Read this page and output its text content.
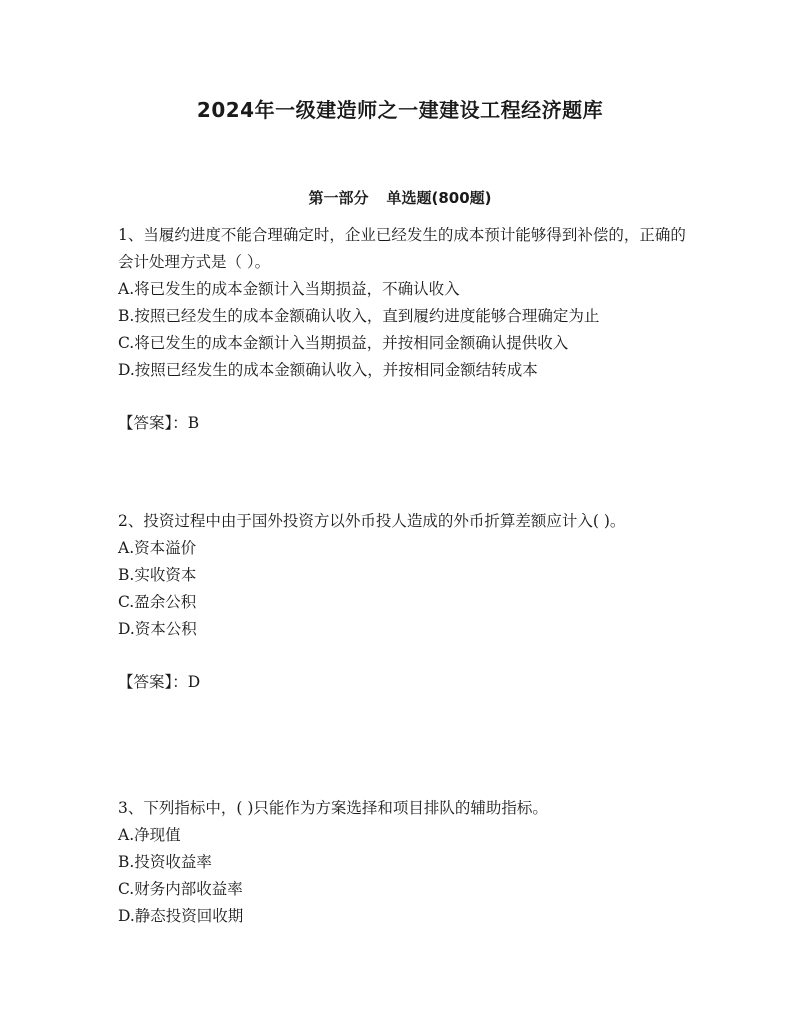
2024年一级建造师之一建建设工程经济题库
第一部分 单选题(800题)

1、当履约进度不能合理确定时，企业已经发生的成本预计能够得到补偿的，正确的会计处理方式是（ ）。

A.将已发生的成本金额计入当期损益，不确认收入

B.按照已经发生的成本金额确认收入，直到履约进度能够合理确定为止

C.将已发生的成本金额计入当期损益，并按相同金额确认提供收入

D.按照已经发生的成本金额确认收入，并按相同金额结转成本

【答案】：B

2、投资过程中由于国外投资方以外币投人造成的外币折算差额应计入( )。

A.资本溢价

B.实收资本

C.盈余公积

D.资本公积

【答案】：D

3、下列指标中，( )只能作为方案选择和项目排队的辅助指标。

A.净现值

B.投资收益率

C.财务内部收益率

D.静态投资回收期
